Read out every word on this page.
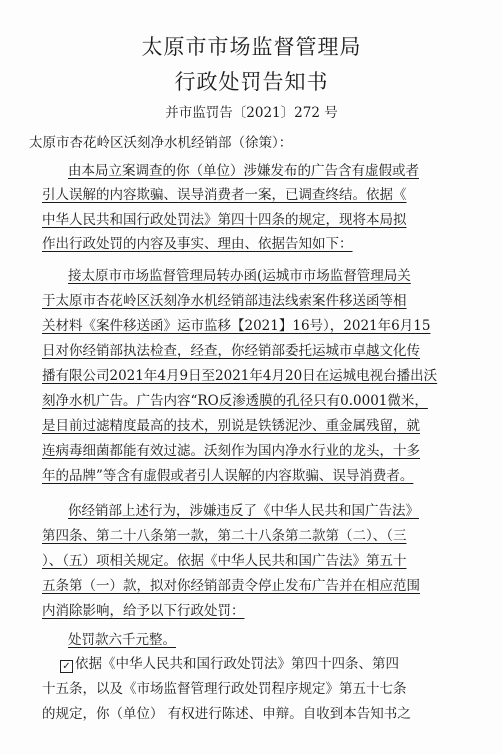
太原市市场监督管理局
行政处罚告知书
并市监罚告〔2021〕272 号
太原市杏花岭区沃刻净水机经销部（徐策）：
由本局立案调查的你（单位）涉嫌发布的广告含有虚假或者
引人误解的内容欺骗、误导消费者一案，已调查终结。依据《
中华人民共和国行政处罚法》第四十四条的规定，现将本局拟
作出行政处罚的内容及事实、理由、依据告知如下：
接太原市市场监督管理局转办函(运城市市场监督管理局关
于太原市杏花岭区沃刻净水机经销部违法线索案件移送函等相
关材料《案件移送函》运市监移【2021】16号），2021年6月15
日对你经销部执法检查，经查，你经销部委托运城市卓越文化传
播有限公司2021年4月9日至2021年4月20日在运城电视台播出沃
刻净水机广告。广告内容“RO反渗透膜的孔径只有0.0001微米，
是目前过滤精度最高的技术，别说是铁锈泥沙、重金属残留，就
连病毒细菌都能有效过滤。沃刻作为国内净水行业的龙头，十多
年的品牌”等含有虚假或者引人误解的内容欺骗、误导消费者。
你经销部上述行为，涉嫌违反了《中华人民共和国广告法》
第四条、第二十八条第一款，第二十八条第二款第（二）、（三
）、（五）项相关规定。依据《中华人民共和国广告法》第五十
五条第（一）款，拟对你经销部责令停止发布广告并在相应范围
内消除影响，给予以下行政处罚：
处罚款六千元整。
✓ 依据《中华人民共和国行政处罚法》第四十四条、第四
十五条，以及《市场监督管理行政处罚程序规定》第五十七条
的规定，你（单位） 有权进行陈述、申辩。自收到本告知书之
